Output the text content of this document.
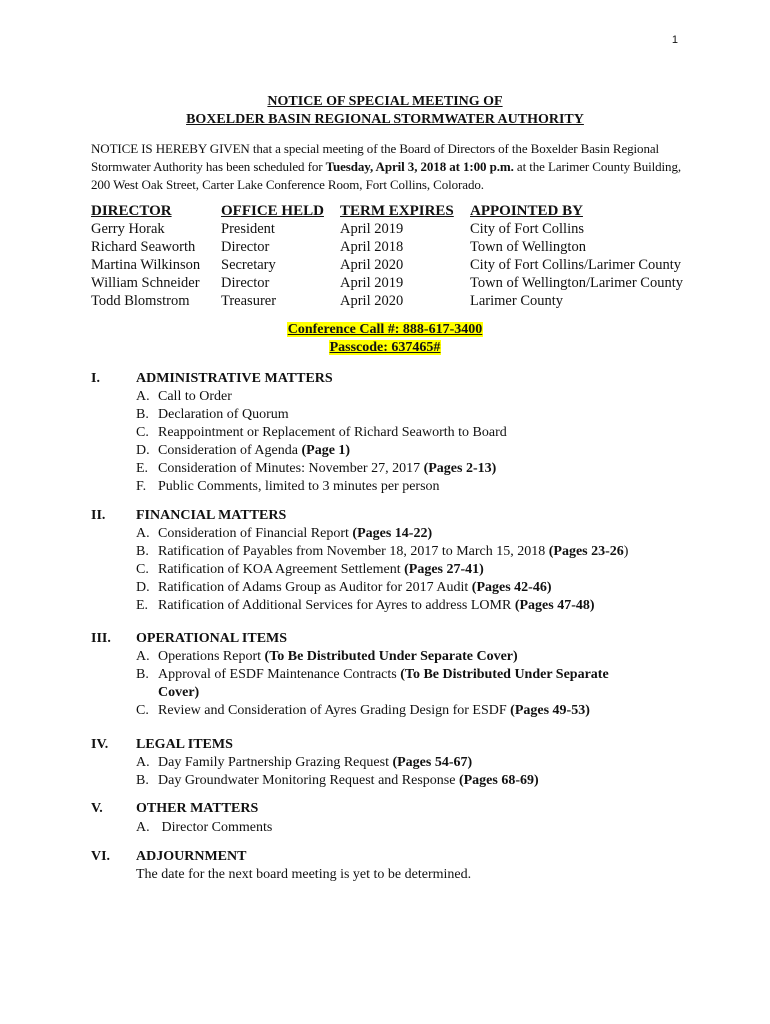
1
NOTICE OF SPECIAL MEETING OF
BOXELDER BASIN REGIONAL STORMWATER AUTHORITY
NOTICE IS HEREBY GIVEN that a special meeting of the Board of Directors of the Boxelder Basin Regional Stormwater Authority has been scheduled for Tuesday, April 3, 2018 at 1:00 p.m. at the Larimer County Building, 200 West Oak Street, Carter Lake Conference Room, Fort Collins, Colorado.
DIRECTOR
Gerry Horak
Richard Seaworth
Martina Wilkinson
William Schneider
Todd Blomstrom
OFFICE HELD
President
Director
Secretary
Director
Treasurer
TERM EXPIRES
April 2019
April 2018
April 2020
April 2019
April 2020
APPOINTED BY
City of Fort Collins
Town of Wellington
City of Fort Collins/Larimer County
Town of Wellington/Larimer County
Larimer County
Conference Call #: 888-617-3400
Passcode: 637465#
I.	ADMINISTRATIVE MATTERS
A. Call to Order
B. Declaration of Quorum
C. Reappointment or Replacement of Richard Seaworth to Board
D. Consideration of Agenda (Page 1)
E. Consideration of Minutes: November 27, 2017 (Pages 2-13)
F. Public Comments, limited to 3 minutes per person
II. FINANCIAL MATTERS
A. Consideration of Financial Report (Pages 14-22)
B. Ratification of Payables from November 18, 2017 to March 15, 2018 (Pages 23-26)
C. Ratification of KOA Agreement Settlement (Pages 27-41)
D. Ratification of Adams Group as Auditor for 2017 Audit (Pages 42-46)
E. Ratification of Additional Services for Ayres to address LOMR (Pages 47-48)
III. OPERATIONAL ITEMS
A. Operations Report (To Be Distributed Under Separate Cover)
B. Approval of ESDF Maintenance Contracts (To Be Distributed Under Separate
Cover)
C. Review and Consideration of Ayres Grading Design for ESDF (Pages 49-53)
IV. LEGAL ITEMS
A. Day Family Partnership Grazing Request (Pages 54-67)
B. Day Groundwater Monitoring Request and Response (Pages 68-69)
V. OTHER MATTERS
A. Director Comments
VI. ADJOURNMENT
The date for the next board meeting is yet to be determined.
